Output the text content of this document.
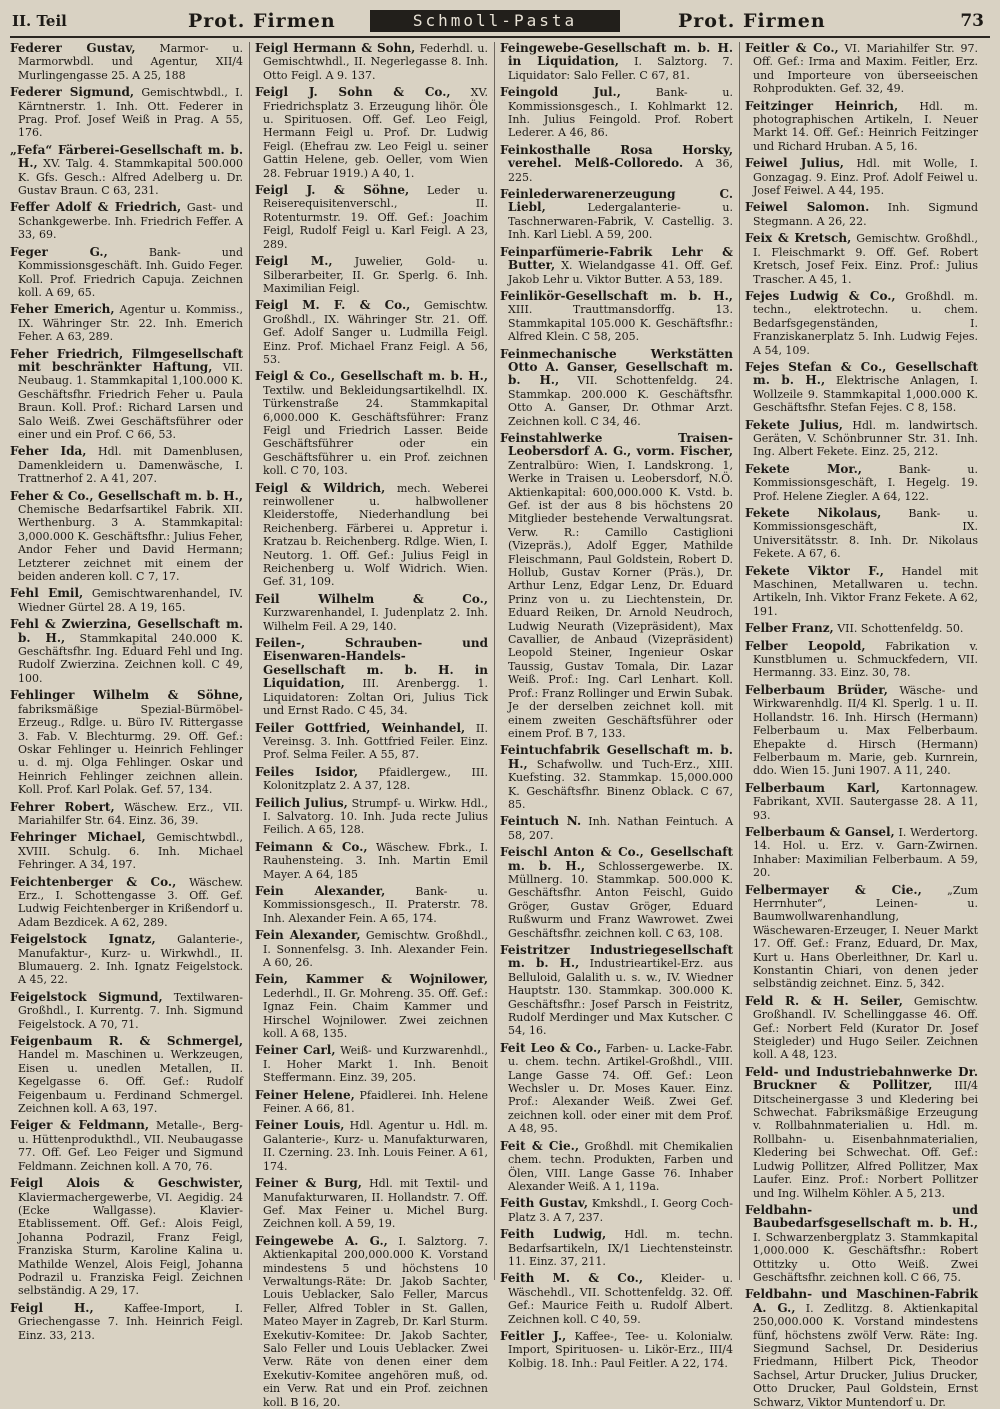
II. Teil	Prot. Firmen	Schmoll-Pasta	Prot. Firmen	73

Federer Gustav, Marmor- u. Marmorwbdl. und Agentur, XII/4 Murlingengasse 25. A 25, 188

Federer Sigmund, Gemischtwbdl., I. Kärntnerstr. 1. Inh. Ott. Federer in Prag. Prof. Josef Weiß in Prag. A 55, 176.

„Fefa“ Färberei-Gesellschaft m. b. H., XV. Talg. 4. Stammkapital 500.000 K. Gfs. Gesch.: Alfred Adelberg u. Dr. Gustav Braun. C 63, 231.

Feffer Adolf & Friedrich, Gast- und Schankgewerbe. Inh. Friedrich Feffer. A 33, 69.

Feger G.,	Bank- und Kommissionsgeschäft. Inh. Guido Feger. Koll. Prof. Friedrich Capuja. Zeichnen koll. A 69, 65.

Feher Emerich, Agentur u. Kommiss., IX. Währinger Str. 22. Inh. Emerich Feher. A 63, 289.

Feher Friedrich, Filmgesellschaft mit beschränkter Haftung, VII. Neubaug. 1. Stammkapital 1,100.000 K. Geschäftsfhr. Friedrich Feher u. Paula Braun. Koll. Prof.: Richard Larsen und Salo Weiß. Zwei Geschäftsführer oder einer und ein Prof. C 66, 53.

Feher Ida, Hdl. mit Damenblusen, Damenkleidern u. Damenwäsche, I. Trattnerhof 2. A 41, 207.

Feher & Co., Gesellschaft m. b. H., Chemische Bedarfsartikel Fabrik. XII. Werthenburg. 3 A. Stammkapital: 3,000.000 K. Geschäftsfhr.: Julius Feher, Andor Feher und David Hermann; Letzterer zeichnet mit einem der beiden anderen koll. C 7, 17.

Fehl Emil, Gemischtwarenhandel, IV. Wiedner Gürtel 28. A 19, 165.

Fehl & Zwierzina, Gesellschaft m. b. H., Stammkapital 240.000 K. Geschäftsfhr. Ing. Eduard Fehl und Ing. Rudolf Zwierzina. Zeichnen koll. C 49, 100.

Fehlinger Wilhelm & Söhne, fabriksmäßige Spezial-Bürmöbel-Erzeug., Rdlge. u. Büro IV. Rittergasse 3. Fab. V. Blechturmg. 29. Off. Gef.: Oskar Fehlinger u. Heinrich Fehlinger u. d. mj. Olga Fehlinger. Oskar und Heinrich Fehlinger zeichnen allein. Koll. Prof. Karl Polak. Gef. 57, 134.

Fehrer Robert, Wäschew. Erz., VII. Mariahilfer Str. 64. Einz. 36, 39.

Fehringer Michael, Gemischtwbdl., XVIII. Schulg. 6. Inh. Michael Fehringer. A 34, 197.

Feichtenberger & Co., Wäschew. Erz., I. Schottengasse 3. Off. Gef. Ludwig Feichtenberger in Krißendorf u. Adam Bezdicek. A 62, 289.

Feigelstock Ignatz, Galanterie-, Manufaktur-, Kurz- u. Wirkwhdl., II. Blumauerg. 2. Inh. Ignatz Feigelstock. A 45, 22.

Feigelstock Sigmund, Textilwaren-Großhdl., I. Kurrentg. 7. Inh. Sigmund Feigelstock. A 70, 71.

Feigenbaum R. & Schmergel, Handel m. Maschinen u. Werkzeugen, Eisen u. unedlen Metallen, II. Kegelgasse 6. Off. Gef.: Rudolf Feigenbaum u. Ferdinand Schmergel. Zeichnen koll. A 63, 197.

Feiger & Feldmann, Metalle-, Berg- u. Hüttenprodukthdl., VII. Neubaugasse 77. Off. Gef. Leo Feiger und Sigmund Feldmann. Zeichnen koll. A 70, 76.

Feigl Alois & Geschwister, Klaviermachergewerbe, VI. Aegidig. 24 (Ecke Wallgasse). Klavier-Etablissement. Off. Gef.: Alois Feigl, Johanna Podrazil, Franz Feigl, Franziska Sturm, Karoline Kalina u. Mathilde Wenzel, Alois Feigl, Johanna Podrazil u. Franziska Feigl. Zeichnen selbständig. A 29, 17.

Feigl H.,	Kaffee-Import, I. Griechengasse 7. Inh. Heinrich Feigl. Einz. 33, 213.

Feigl Hermann & Sohn, Federhdl. u. Gemischtwhdl., II. Negerlegasse 8. Inh. Otto Feigl. A 9. 137.

Feigl J. Sohn & Co., XV. Friedrichsplatz 3. Erzeugung lihör. Öle u. Spirituosen. Off. Gef. Leo Feigl, Hermann Feigl u. Prof. Dr. Ludwig Feigl. (Ehefrau zw. Leo Feigl u. seiner Gattin Helene, geb. Oeller, vom Wien 28. Februar 1919.) A 40, 1.

Feigl J. & Söhne, Leder u. Reiserequisitenverschl., II. Rotenturmstr. 19. Off. Gef.: Joachim Feigl, Rudolf Feigl u. Karl Feigl. A 23, 289.

Feigl M., Juwelier, Gold- u. Silberarbeiter, II. Gr. Sperlg. 6. Inh. Maximilian Feigl.

Feigl M. F. & Co., Gemischtw. Großhdl., IX. Währinger Str. 21. Off. Gef. Adolf Sanger u. Ludmilla Feigl. Einz. Prof. Michael Franz Feigl. A 56, 53.

Feigl & Co., Gesellschaft m. b. H., Textilw. und Bekleidungsartikelhdl. IX. Türkenstraße 24. Stammkapital 6,000.000 K. Geschäftsführer: Franz Feigl und Friedrich Lasser. Beide Geschäftsführer oder ein Geschäftsführer u. ein Prof. zeichnen koll. C 70, 103.

Feigl & Wildrich, mech. Weberei reinwollener u. halbwollener Kleiderstoffe, Niederhandlung bei Reichenberg. Färberei u. Appretur i. Kratzau b. Reichenberg. Rdlge. Wien, I. Neutorg. 1. Off. Gef.: Julius Feigl in Reichenberg u. Wolf Widrich. Wien. Gef. 31, 109.

Feil Wilhelm & Co., Kurzwarenhandel, I. Judenplatz 2. Inh. Wilhelm Feil. A 29, 140.

Feilen-, Schrauben- und Eisenwaren-Handels-Gesellschaft m. b. H. in Liquidation, III. Arenbergg. 1. Liquidatoren: Zoltan Ori, Julius Tick und Ernst Rado. C 45, 34.

Feiler Gottfried, Weinhandel, II. Vereinsg. 3. Inh. Gottfried Feiler. Einz. Prof. Selma Feiler. A 55, 87.

Feiles Isidor, Pfaidlergew., III. Kolonitzplatz 2. A 37, 128.

Feilich Julius, Strumpf- u. Wirkw. Hdl., I. Salvatorg. 10. Inh. Juda recte Julius Feilich. A 65, 128.

Feimann & Co., Wäschew. Fbrk., I. Rauhensteing. 3. Inh. Martin Emil Mayer. A 64, 185

Fein Alexander,	Bank- u. Kommissionsgesch., II. Praterstr. 78. Inh. Alexander Fein. A 65, 174.

Fein Alexander, Gemischtw. Großhdl., I. Sonnenfelsg. 3. Inh. Alexander Fein. A 60, 26.

Fein, Kammer & Wojnilower, Lederhdl., II. Gr. Mohreng. 35. Off. Gef.: Ignaz Fein. Chaim Kammer und Hirschel Wojnilower. Zwei zeichnen koll. A 68, 135.

Feiner Carl, Weiß- und Kurzwarenhdl., I. Hoher Markt 1. Inh. Benoit Steffermann. Einz. 39, 205.

Feiner Helene, Pfaidlerei. Inh. Helene Feiner. A 66, 81.

Feiner Louis, Hdl. Agentur u. Hdl. m. Galanterie-, Kurz- u. Manufakturwaren, II. Czerning. 23. Inh. Louis Feiner. A 61, 174.

Feiner & Burg, Hdl. mit Textil- und Manufakturwaren, II. Hollandstr. 7. Off. Gef. Max Feiner u. Michel Burg. Zeichnen koll. A 59, 19.

Feingewebe A. G., I. Salztorg. 7. Aktienkapital 200,000.000 K. Vorstand mindestens 5 und höchstens 10 Verwaltungs-Räte: Dr. Jakob Sachter, Louis Ueblacker, Salo Feller, Marcus Feller, Alfred Tobler in St. Gallen, Mateo Mayer in Zagreb, Dr. Karl Sturm. Exekutiv-Komitee: Dr. Jakob Sachter, Salo Feller und Louis Ueblacker. Zwei Verw. Räte von denen einer dem Exekutiv-Komitee angehören muß, od. ein Verw. Rat und ein Prof. zeichnen koll. B 16, 20.

Feingewebe-Gesellschaft m. b. H. in Liquidation, I. Salztorg. 7. Liquidator: Salo Feller. C 67, 81.

Feingold Jul.,	Bank- u. Kommissionsgesch., I. Kohlmarkt 12. Inh. Julius Feingold. Prof. Robert Lederer. A 46, 86.

Feinkosthalle Rosa Horsky, verehel. Melß-Colloredo. A 36, 225.

Feinlederwarenerzeugung C. Liebl,	Ledergalanterie- u. Taschnerwaren-Fabrik, V. Castellig. 3. Inh. Karl Liebl. A 59, 200.

Feinparfümerie-Fabrik Lehr & Butter, X. Wielandgasse 41. Off. Gef. Jakob Lehr u. Viktor Butter. A 53, 189.

Feinlikör-Gesellschaft m. b. H., XIII. Trauttmansdorffg. 13. Stammkapital 105.000 K. Geschäftsfhr.: Alfred Klein. C 58, 205.

Feinmechanische Werkstätten Otto A. Ganser, Gesellschaft m. b. H., VII. Schottenfeldg. 24. Stammkap. 200.000 K. Geschäftsfhr. Otto A. Ganser, Dr. Othmar Arzt. Zeichnen koll. C 34, 46.

Feinstahlwerke Traisen-Leobersdorf A. G., vorm. Fischer, Zentralbüro: Wien, I. Landskrong. 1, Werke in Traisen u. Leobersdorf, N.Ö. Aktienkapital: 600,000.000 K. Vstd. b. Gef. ist der aus 8 bis höchstens 20 Mitglieder bestehende Verwaltungsrat. Verw. R.: Camillo Castiglioni (Vizepräs.), Adolf Egger, Mathilde Fleischmann, Paul Goldstein, Robert D. Hollub, Gustav Korner (Präs.), Dr. Arthur Lenz, Edgar Lenz, Dr. Eduard Prinz von u. zu Liechtenstein, Dr. Eduard Reiken, Dr. Arnold Neudroch, Ludwig Neurath (Vizepräsident), Max Cavallier, de Anbaud (Vizepräsident) Leopold Steiner, Ingenieur Oskar Taussig, Gustav Tomala, Dir. Lazar Weiß. Prof.: Ing. Carl Lenhart. Koll. Prof.: Franz Rollinger und Erwin Subak. Je der derselben zeichnet koll. mit einem zweiten Geschäftsführer oder einem Prof. B 7, 133.

Feintuchfabrik Gesellschaft m. b. H., Schafwollw. und Tuch-Erz., XIII. Kuefsting. 32. Stammkap. 15,000.000 K. Geschäftsfhr. Binenz Oblack. C 67, 85.

Feintuch N. Inh. Nathan Feintuch. A 58, 207.

Feischl Anton & Co., Gesellschaft m. b. H., Schlossergewerbe. IX. Müllnerg. 10. Stammkap. 500.000 K. Geschäftsfhr. Anton Feischl, Guido Gröger, Gustav Gröger, Eduard Rußwurm und Franz Wawrowet. Zwei Geschäftsfhr. zeichnen koll. C 63, 108.

Feistritzer Industriegesellschaft m. b. H., Industrieartikel-Erz. aus Belluloid, Galalith u. s. w., IV. Wiedner Hauptstr. 130. Stammkap. 300.000 K. Geschäftsfhr.: Josef Parsch in Feistritz, Rudolf Merdinger und Max Kutscher. C 54, 16.

Feit Leo & Co., Farben- u. Lacke-Fabr. u. chem. techn. Artikel-Großhdl., VIII. Lange Gasse 74. Off. Gef.: Leon Wechsler u. Dr. Moses Kauer. Einz. Prof.: Alexander Weiß. Zwei Gef. zeichnen koll. oder einer mit dem Prof. A 48, 95.

Feit & Cie., Großhdl. mit Chemikalien chem. techn. Produkten, Farben und Ölen, VIII. Lange Gasse 76. Inhaber Alexander Weiß. A 1, 119a.

Feith Gustav, Kmkshdl., I. Georg Coch-Platz 3. A 7, 237.

Feith Ludwig, Hdl. m. techn. Bedarfsartikeln, IX/1 Liechtensteinstr. 11. Einz. 37, 211.

Feith M. & Co., Kleider- u. Wäschehdl., VII. Schottenfeldg. 32. Off. Gef.: Maurice Feith u. Rudolf Albert. Zeichnen koll. C 40, 59.

Feitler J., Kaffee-, Tee- u. Kolonialw. Import, Spirituosen- u. Likör-Erz., III/4 Kolbig. 18. Inh.: Paul Feitler. A 22, 174.

Feitler & Co., VI. Mariahilfer Str. 97. Off. Gef.: Irma and Maxim. Feitler, Erz. und Importeure von überseeischen Rohprodukten. Gef. 32, 49.

Feitzinger Heinrich, Hdl. m. photographischen Artikeln, I. Neuer Markt 14. Off. Gef.: Heinrich Feitzinger und Richard Hruban. A 5, 16.

Feiwel Julius, Hdl. mit Wolle, I. Gonzagag. 9. Einz. Prof. Adolf Feiwel u. Josef Feiwel. A 44, 195.

Feiwel Salomon. Inh. Sigmund Stegmann. A 26, 22.

Feix & Kretsch, Gemischtw. Großhdl., I. Fleischmarkt 9. Off. Gef. Robert Kretsch, Josef Feix. Einz. Prof.: Julius Trascher. A 45, 1.

Fejes Ludwig & Co., Großhdl. m. techn., elektrotechn. u. chem. Bedarfsgegenständen, I. Franziskanerplatz 5. Inh. Ludwig Fejes. A 54, 109.

Fejes Stefan & Co., Gesellschaft m. b. H., Elektrische Anlagen, I. Wollzeile 9. Stammkapital 1,000.000 K. Geschäftsfhr. Stefan Fejes. C 8, 158.

Fekete Julius, Hdl. m. landwirtsch. Geräten, V. Schönbrunner Str. 31. Inh. Ing. Albert Fekete. Einz. 25, 212.

Fekete Mor.,	Bank- u. Kommissionsgeschäft, I. Hegelg. 19. Prof. Helene Ziegler. A 64, 122.

Fekete Nikolaus, Bank- u. Kommissionsgeschäft, IX. Universitätsstr. 8. Inh. Dr. Nikolaus Fekete. A 67, 6.

Fekete Viktor F., Handel mit Maschinen, Metallwaren u. techn. Artikeln, Inh. Viktor Franz Fekete. A 62, 191.

Felber Franz, VII. Schottenfeldg. 50.

Felber Leopold, Fabrikation v. Kunstblumen u. Schmuckfedern, VII. Hermanng. 33. Einz. 30, 78.

Felberbaum Brüder, Wäsche- und Wirkwarenhdlg. II/4 Kl. Sperlg. 1 u. II. Hollandstr. 16. Inh. Hirsch (Hermann) Felberbaum u. Max Felberbaum. Ehepakte d. Hirsch (Hermann) Felberbaum m. Marie, geb. Kurnrein, ddo. Wien 15. Juni 1907. A 11, 240.

Felberbaum Karl, Kartonnagew. Fabrikant, XVII. Sautergasse 28. A 11, 93.

Felberbaum & Gansel, I. Werdertorg. 14. Hol. u. Erz. v. Garn-Zwirnen. Inhaber: Maximilian Felberbaum. A 59, 20.

Felbermayer & Cie., „Zum Herrnhuter“, Leinen- u. Baumwollwarenhandlung, Wäschewaren-Erzeuger, I. Neuer Markt 17. Off. Gef.: Franz, Eduard, Dr. Max, Kurt u. Hans Oberleithner, Dr. Karl u. Konstantin Chiari, von denen jeder selbständig zeichnet. Einz. 5, 342.

Feld R. & H. Seiler, Gemischtw. Großhandl. IV. Schellinggasse 46. Off. Gef.: Norbert Feld (Kurator Dr. Josef Steigleder) und Hugo Seiler. Zeichnen koll. A 48, 123.

Feld- und Industriebahnwerke Dr. Bruckner & Pollitzer, III/4 Ditscheinergasse 3 und Kledering bei Schwechat. Fabriksmäßige Erzeugung v. Rollbahnmaterialien u. Hdl. m. Rollbahn- u. Eisenbahnmaterialien, Kledering bei Schwechat. Off. Gef.: Ludwig Pollitzer, Alfred Pollitzer, Max Laufer. Einz. Prof.: Norbert Pollitzer und Ing. Wilhelm Köhler. A 5, 213.

Feldbahn- und Baubedarfsgesellschaft m. b. H., I. Schwarzenbergplatz 3. Stammkapital 1,000.000 K. Geschäftsfhr.: Robert Ottitzky u. Otto Weiß. Zwei Geschäftsfhr. zeichnen koll. C 66, 75.

Feldbahn- und Maschinen-Fabrik A. G., I. Zedlitzg. 8. Aktienkapital 250,000.000 K. Vorstand mindestens fünf, höchstens zwölf Verw. Räte: Ing. Siegmund Sachsel, Dr. Desiderius Friedmann, Hilbert Pick, Theodor Sachsel, Artur Drucker, Julius Drucker, Otto Drucker, Paul Goldstein, Ernst Schwarz, Viktor Muntendorf u. Dr.
